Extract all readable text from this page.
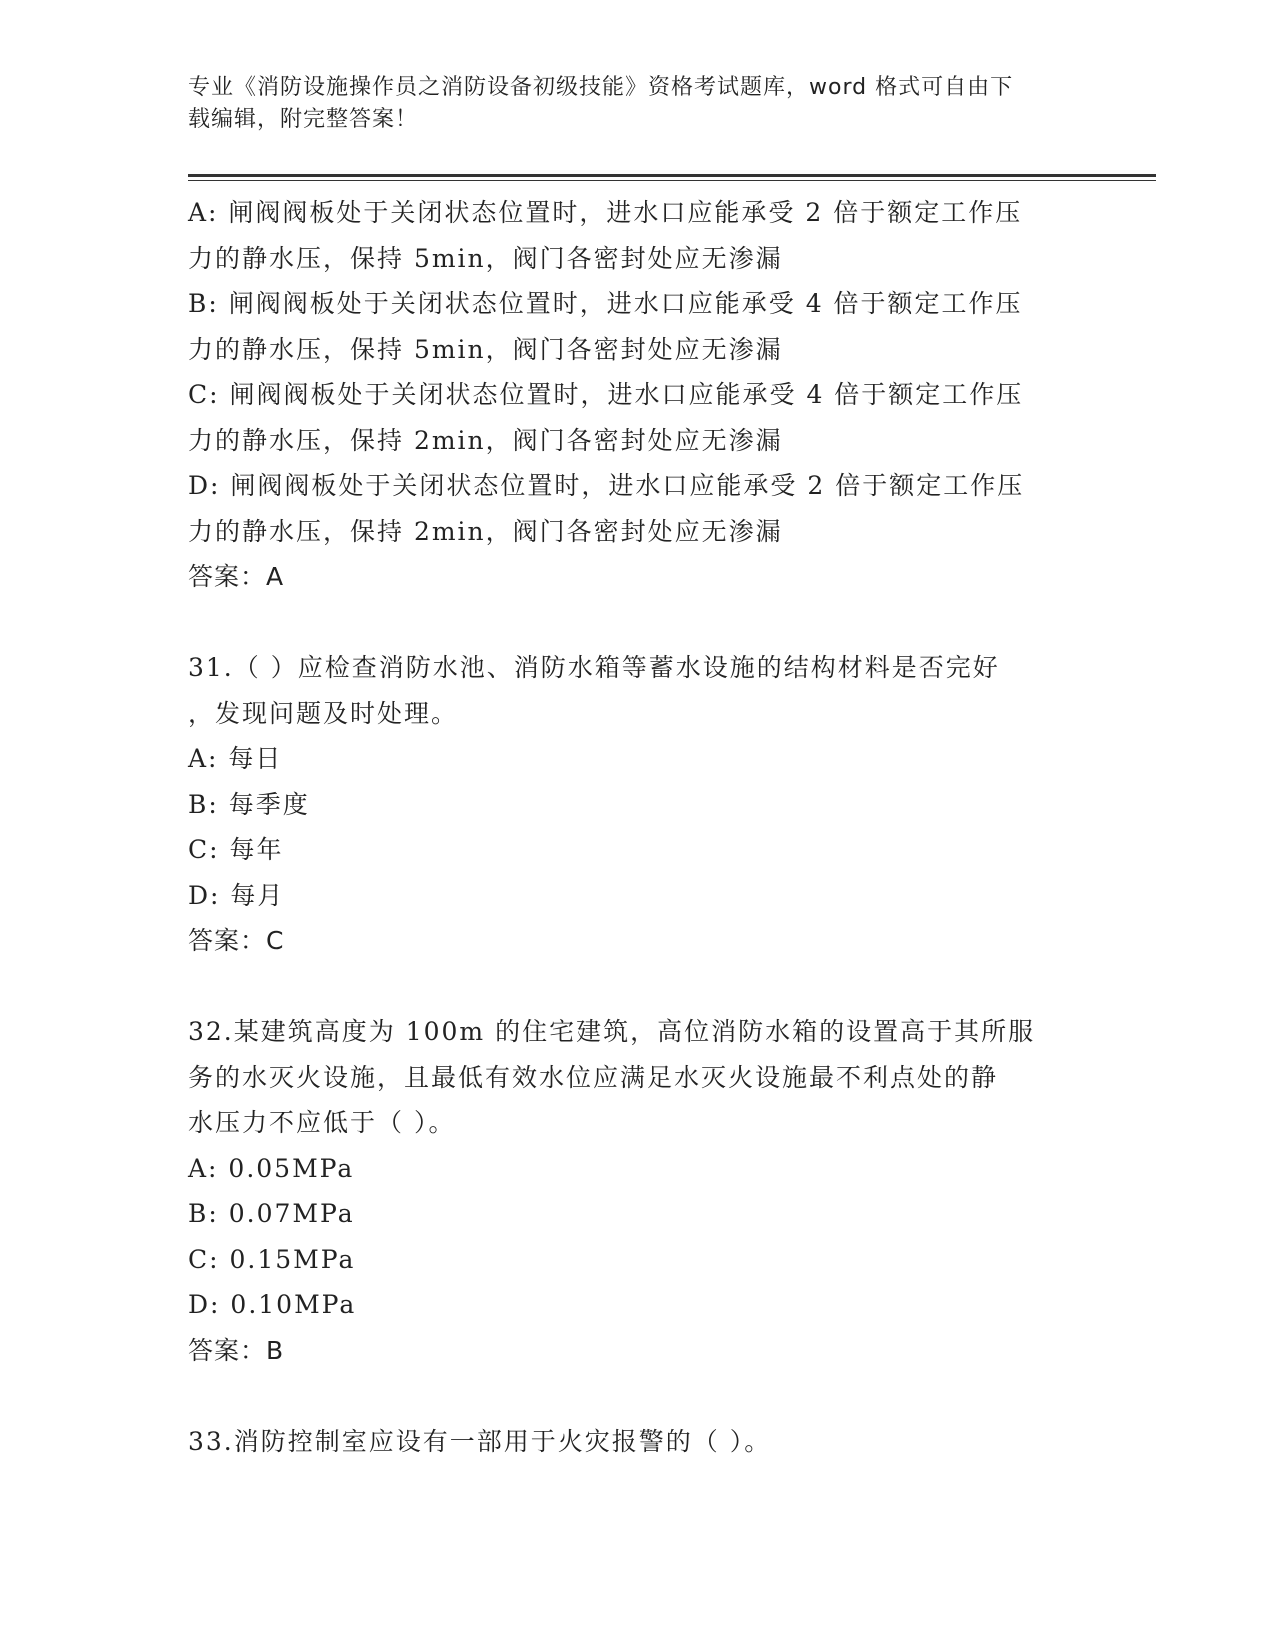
专业《消防设施操作员之消防设备初级技能》资格考试题库，word 格式可自由下
载编辑，附完整答案！
A: 闸阀阀板处于关闭状态位置时，进水口应能承受 2 倍于额定工作压
力的静水压，保持 5min，阀门各密封处应无渗漏
B: 闸阀阀板处于关闭状态位置时，进水口应能承受 4 倍于额定工作压
力的静水压，保持 5min，阀门各密封处应无渗漏
C: 闸阀阀板处于关闭状态位置时，进水口应能承受 4 倍于额定工作压
力的静水压，保持 2min，阀门各密封处应无渗漏
D: 闸阀阀板处于关闭状态位置时，进水口应能承受 2 倍于额定工作压
力的静水压，保持 2min，阀门各密封处应无渗漏
答案：A
31.（ ）应检查消防水池、消防水箱等蓄水设施的结构材料是否完好
，发现问题及时处理。
A: 每日
B: 每季度
C: 每年
D: 每月
答案：C
32.某建筑高度为 100m 的住宅建筑，高位消防水箱的设置高于其所服
务的水灭火设施，且最低有效水位应满足水灭火设施最不利点处的静
水压力不应低于（ ）。
A: 0.05MPa
B: 0.07MPa
C: 0.15MPa
D: 0.10MPa
答案：B
33.消防控制室应设有一部用于火灾报警的（ ）。
